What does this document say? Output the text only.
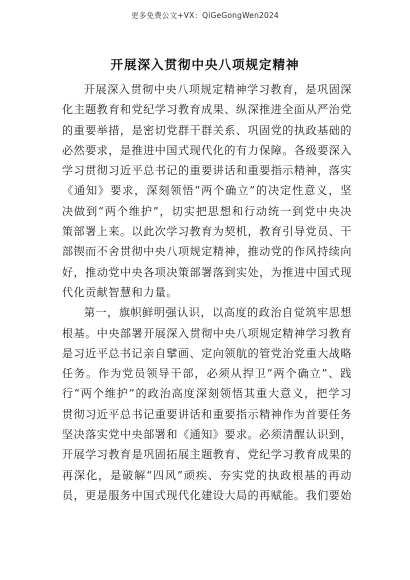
更多免费公文+VX：QiGeGongWen2024
开展深入贯彻中央八项规定精神

开展深入贯彻中央八项规定精神学习教育，是巩固深化主题教育和党纪学习教育成果、纵深推进全面从严治党的重要举措，是密切党群干群关系、巩固党的执政基础的必然要求，是推进中国式现代化的有力保障。各级要深入学习贯彻习近平总书记的重要讲话和重要指示精神，落实《通知》要求，深刻领悟“两个确立”的决定性意义，坚决做到“两个维护”，切实把思想和行动统一到党中央决策部署上来。以此次学习教育为契机，教育引导党员、干部锲而不舍贯彻中央八项规定精神，推动党的作风持续向好，推动党中央各项决策部署落到实处，为推进中国式现代化贡献智慧和力量。

第一，旗帜鲜明强认识，以高度的政治自觉筑牢思想根基。中央部署开展深入贯彻中央八项规定精神学习教育是习近平总书记亲自擘画、定向领航的管党治党重大战略任务。作为党员领导干部，必须从捍卫“两个确立”、践行“两个维护”的政治高度深刻领悟其重大意义，把学习贯彻习近平总书记重要讲话和重要指示精神作为首要任务坚决落实党中央部署和《通知》要求。必须清醒认识到，开展学习教育是巩固拓展主题教育、党纪学习教育成果的再深化，是破解“四风”顽疾、夯实党的执政根基的再动员，更是服务中国式现代化建设大局的再赋能。我们要始
